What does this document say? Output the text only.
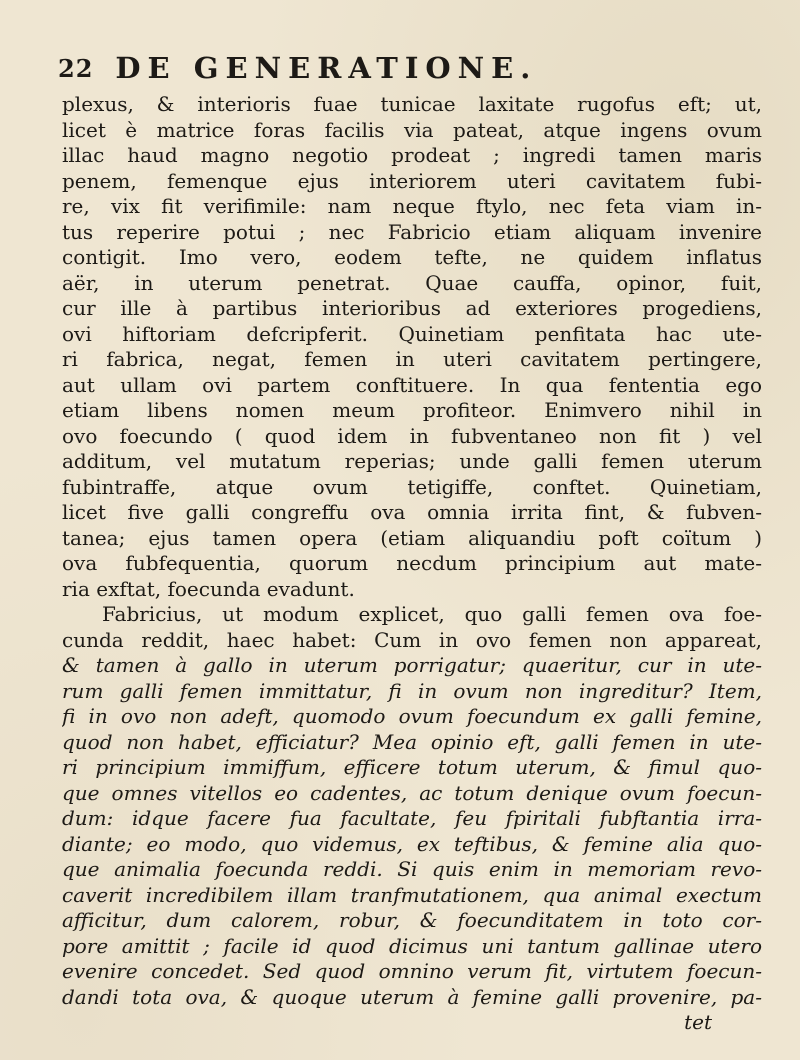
22 DE GENERATIONE.
plexus, & interioris fuae tunicae laxitate rugofus eft; ut,
licet è matrice foras facilis via pateat, atque ingens ovum
illac haud magno negotio prodeat ; ingredi tamen maris
penem, femenque ejus interiorem uteri cavitatem fubi-
re, vix fit verifimile: nam neque ftylo, nec feta viam in-
tus reperire potui ; nec Fabricio etiam aliquam invenire
contigit. Imo vero, eodem tefte, ne quidem inflatus
aër, in uterum penetrat. Quae cauffa, opinor, fuit,
cur ille à partibus interioribus ad exteriores progediens,
ovi hiftoriam defcripferit. Quinetiam penfitata hac ute-
ri fabrica, negat, femen in uteri cavitatem pertingere,
aut ullam ovi partem conftituere. In qua fententia ego
etiam libens nomen meum profiteor. Enimvero nihil in
ovo foecundo ( quod idem in fubventaneo non fit ) vel
additum, vel mutatum reperias; unde galli femen uterum
fubintraffe, atque ovum tetigiffe, conftet. Quinetiam,
licet five galli congreffu ova omnia irrita fint, & fubven-
tanea; ejus tamen opera (etiam aliquandiu poft coïtum )
ova fubfequentia, quorum necdum principium aut mate-
ria exftat, foecunda evadunt.
Fabricius, ut modum explicet, quo galli femen ova foe-
cunda reddit, haec habet: Cum in ovo femen non appareat,
& tamen à gallo in uterum porrigatur; quaeritur, cur in ute-
rum galli femen immittatur, fi in ovum non ingreditur? Item,
fi in ovo non adeft, quomodo ovum foecundum ex galli femine,
quod non habet, efficiatur? Mea opinio eft, galli femen in ute-
ri principium immiffum, efficere totum uterum, & fimul quo-
que omnes vitellos eo cadentes, ac totum denique ovum foecun-
dum: idque facere fua facultate, feu fpiritali fubftantia irra-
diante; eo modo, quo videmus, ex teftibus, & femine alia quo-
que animalia foecunda reddi. Si quis enim in memoriam revo-
caverit incredibilem illam tranfmutationem, qua animal exectum
afficitur, dum calorem, robur, & foecunditatem in toto cor-
pore amittit ; facile id quod dicimus uni tantum gallinae utero
evenire concedet. Sed quod omnino verum fit, virtutem foecun-
dandi tota ova, & quoque uterum à femine galli provenire, pa-
tet
